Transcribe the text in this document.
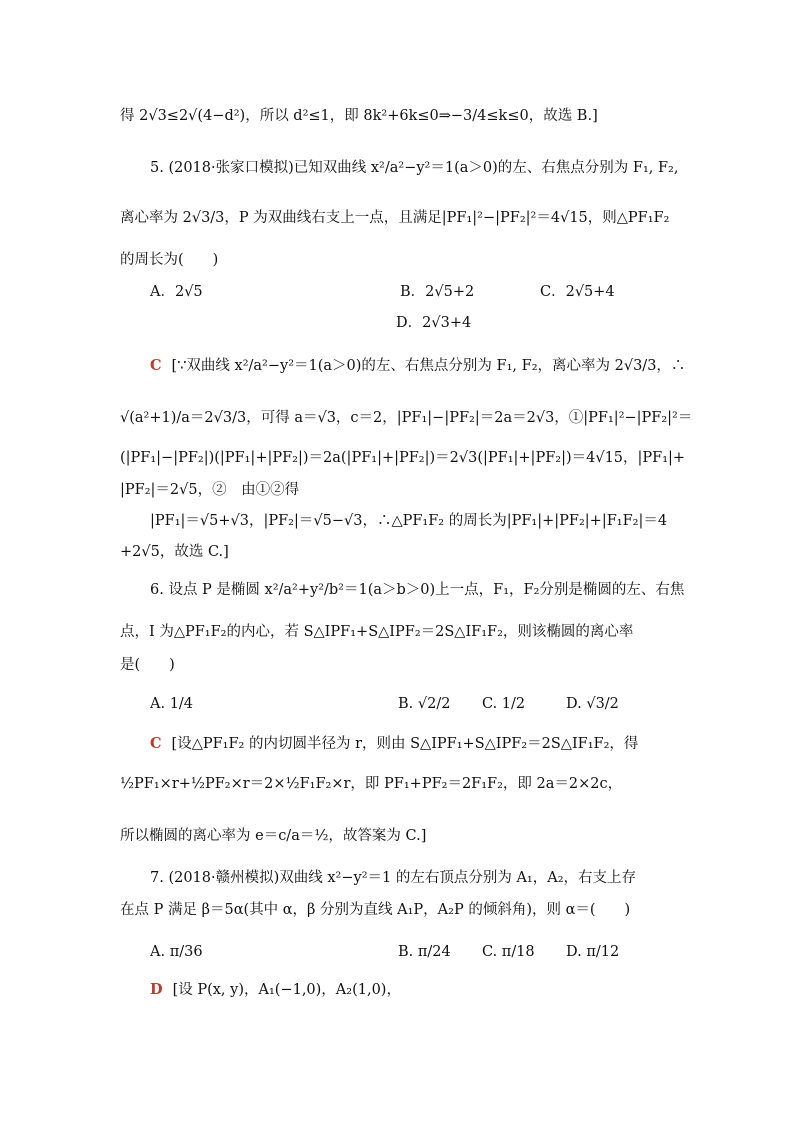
得 2√3≤2√(4−d²)，所以 d²≤1，即 8k²+6k≤0⇒−3/4≤k≤0，故选 B.]
5. (2018·张家口模拟)已知双曲线 x²/a²−y²＝1(a＞0)的左、右焦点分别为 F₁, F₂,
离心率为 2√3/3，P 为双曲线右支上一点，且满足|PF₁|²−|PF₂|²＝4√15，则△PF₁F₂
的周长为(　　)
A．2√5	B．2√5+2	C．2√5+4
D．2√3+4
C [∵双曲线 x²/a²−y²＝1(a＞0)的左、右焦点分别为 F₁, F₂，离心率为 2√3/3，∴
√(a²+1)/a＝2√3/3，可得 a＝√3，c＝2，|PF₁|−|PF₂|＝2a＝2√3，①|PF₁|²−|PF₂|²＝
(|PF₁|−|PF₂|)(|PF₁|+|PF₂|)＝2a(|PF₁|+|PF₂|)＝2√3(|PF₁|+|PF₂|)＝4√15，|PF₁|+
|PF₂|＝2√5，②　由①②得
|PF₁|＝√5+√3，|PF₂|＝√5−√3，∴△PF₁F₂ 的周长为|PF₁|+|PF₂|+|F₁F₂|＝4
+2√5，故选 C.]
6. 设点 P 是椭圆 x²/a²+y²/b²＝1(a＞b＞0)上一点，F₁，F₂分别是椭圆的左、右焦
点，I 为△PF₁F₂的内心，若 S△IPF₁+S△IPF₂＝2S△IF₁F₂，则该椭圆的离心率
是(　　)
A. 1/4	B. √2/2 C. 1/2	D. √3/2
C [设△PF₁F₂ 的内切圆半径为 r，则由 S△IPF₁+S△IPF₂＝2S△IF₁F₂，得
½PF₁×r+½PF₂×r＝2×½F₁F₂×r，即 PF₁+PF₂＝2F₁F₂，即 2a＝2×2c，
所以椭圆的离心率为 e＝c/a＝½，故答案为 C.]
7. (2018·赣州模拟)双曲线 x²−y²＝1 的左右顶点分别为 A₁，A₂，右支上存
在点 P 满足 β＝5α(其中 α，β 分别为直线 A₁P，A₂P 的倾斜角)，则 α＝(　　)
A. π/36	B. π/24 C. π/18 D. π/12
D [设 P(x, y)，A₁(−1,0)，A₂(1,0)，
